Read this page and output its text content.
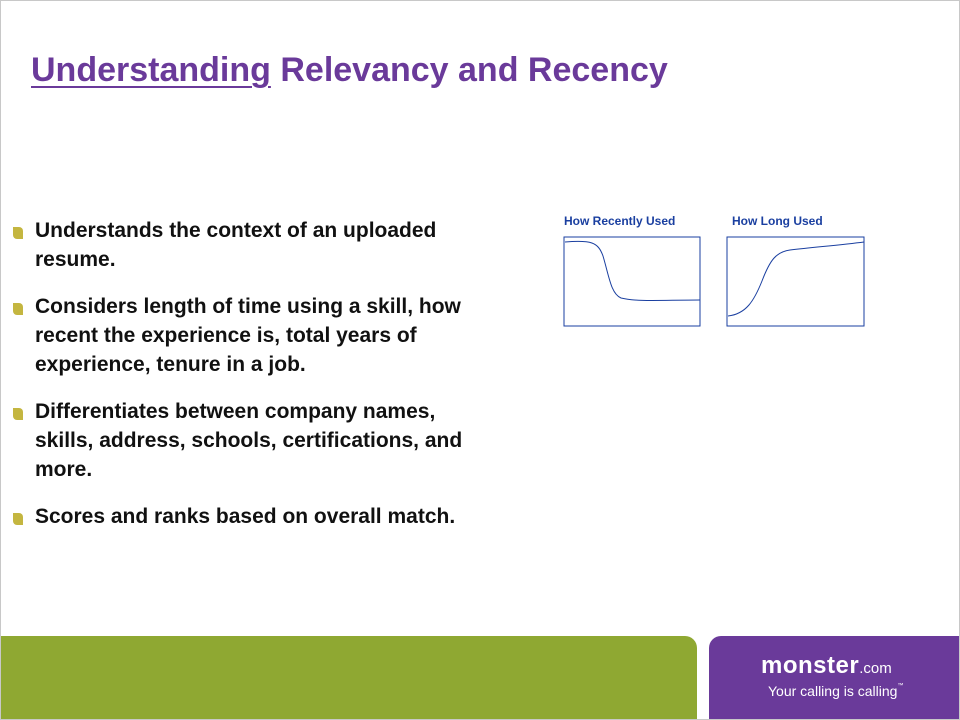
Understanding Relevancy and Recency
Understands the context of an uploaded resume.
Considers length of time using a skill, how recent the experience is, total years of experience, tenure in a job.
Differentiates between company names, skills, address, schools, certifications, and more.
Scores and ranks based on overall match.
How Recently Used	How Long Used
monster.com
Your calling is calling™
